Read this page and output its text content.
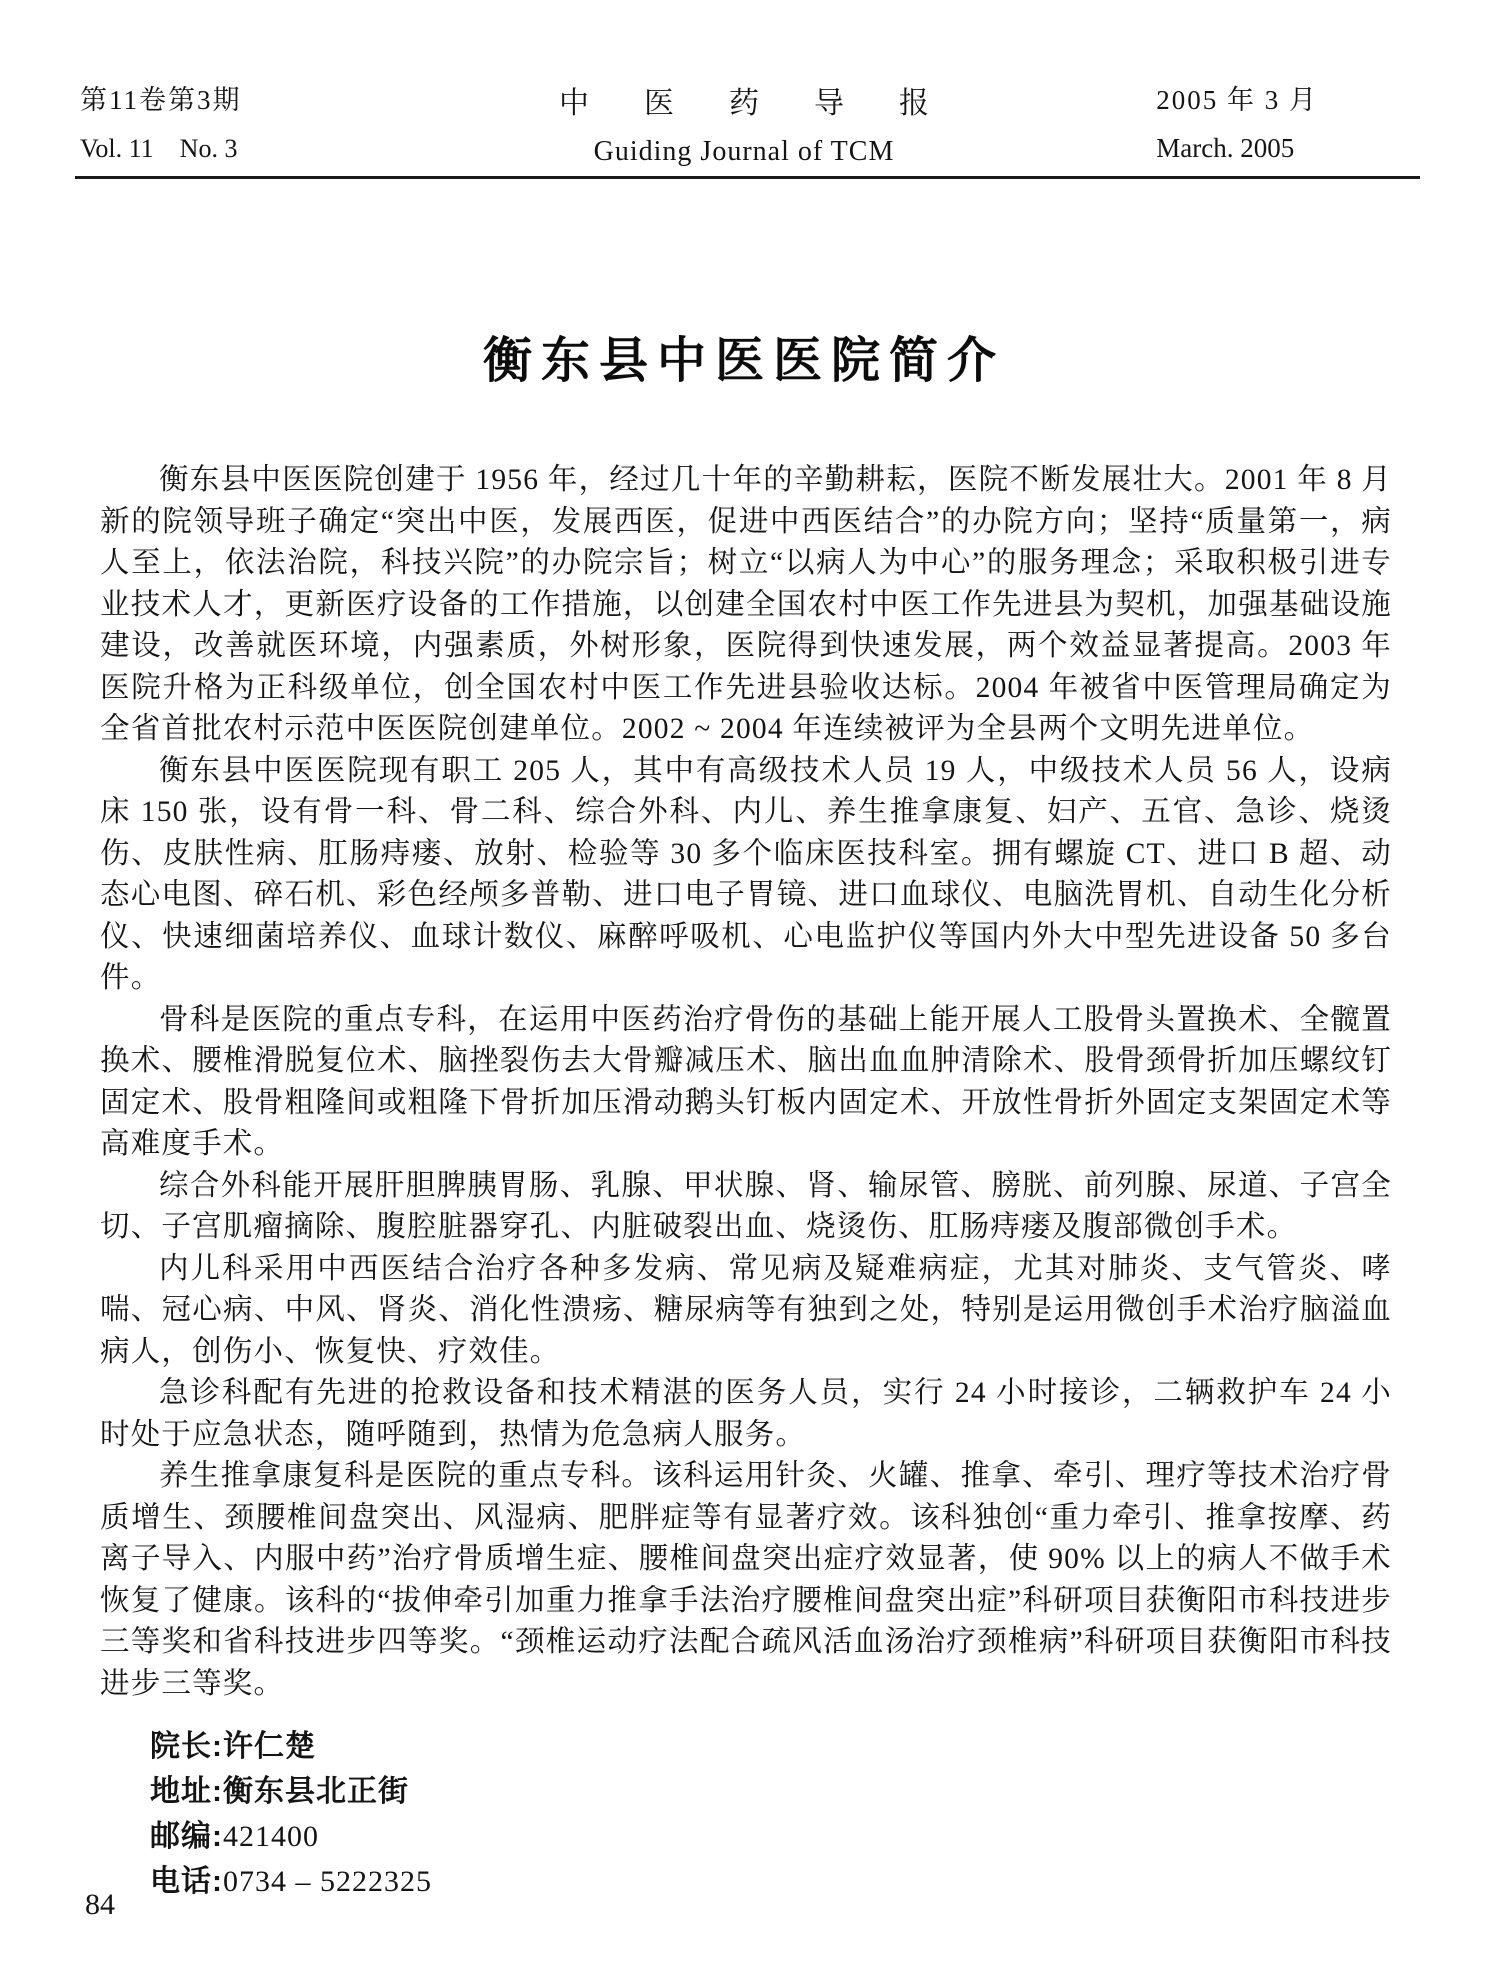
第11卷第3期
Vol. 11    No. 3
中医药导报
Guiding Journal of TCM
2005 年 3 月
March. 2005
衡东县中医医院简介

衡东县中医医院创建于 1956 年，经过几十年的辛勤耕耘，医院不断发展壮大。2001 年 8 月新的院领导班子确定“突出中医，发展西医，促进中西医结合”的办院方向；坚持“质量第一，病人至上，依法治院，科技兴院”的办院宗旨；树立“以病人为中心”的服务理念；采取积极引进专业技术人才，更新医疗设备的工作措施，以创建全国农村中医工作先进县为契机，加强基础设施建设，改善就医环境，内强素质，外树形象，医院得到快速发展，两个效益显著提高。2003 年医院升格为正科级单位，创全国农村中医工作先进县验收达标。2004 年被省中医管理局确定为全省首批农村示范中医医院创建单位。2002 ~ 2004 年连续被评为全县两个文明先进单位。

衡东县中医医院现有职工 205 人，其中有高级技术人员 19 人，中级技术人员 56 人，设病床 150 张，设有骨一科、骨二科、综合外科、内儿、养生推拿康复、妇产、五官、急诊、烧烫伤、皮肤性病、肛肠痔瘘、放射、检验等 30 多个临床医技科室。拥有螺旋 CT、进口 B 超、动态心电图、碎石机、彩色经颅多普勒、进口电子胃镜、进口血球仪、电脑洗胃机、自动生化分析仪、快速细菌培养仪、血球计数仪、麻醉呼吸机、心电监护仪等国内外大中型先进设备 50 多台件。

骨科是医院的重点专科，在运用中医药治疗骨伤的基础上能开展人工股骨头置换术、全髋置换术、腰椎滑脱复位术、脑挫裂伤去大骨瓣减压术、脑出血血肿清除术、股骨颈骨折加压螺纹钉固定术、股骨粗隆间或粗隆下骨折加压滑动鹅头钉板内固定术、开放性骨折外固定支架固定术等高难度手术。

综合外科能开展肝胆脾胰胃肠、乳腺、甲状腺、肾、输尿管、膀胱、前列腺、尿道、子宫全切、子宫肌瘤摘除、腹腔脏器穿孔、内脏破裂出血、烧烫伤、肛肠痔瘘及腹部微创手术。

内儿科采用中西医结合治疗各种多发病、常见病及疑难病症，尤其对肺炎、支气管炎、哮喘、冠心病、中风、肾炎、消化性溃疡、糖尿病等有独到之处，特别是运用微创手术治疗脑溢血病人，创伤小、恢复快、疗效佳。

急诊科配有先进的抢救设备和技术精湛的医务人员，实行 24 小时接诊，二辆救护车 24 小时处于应急状态，随呼随到，热情为危急病人服务。

养生推拿康复科是医院的重点专科。该科运用针灸、火罐、推拿、牵引、理疗等技术治疗骨质增生、颈腰椎间盘突出、风湿病、肥胖症等有显著疗效。该科独创“重力牵引、推拿按摩、药离子导入、内服中药”治疗骨质增生症、腰椎间盘突出症疗效显著，使 90% 以上的病人不做手术恢复了健康。该科的“拔伸牵引加重力推拿手法治疗腰椎间盘突出症”科研项目获衡阳市科技进步三等奖和省科技进步四等奖。“颈椎运动疗法配合疏风活血汤治疗颈椎病”科研项目获衡阳市科技进步三等奖。

院长:许仁楚
地址:衡东县北正街
邮编:421400
电话:0734 – 5222325
84
